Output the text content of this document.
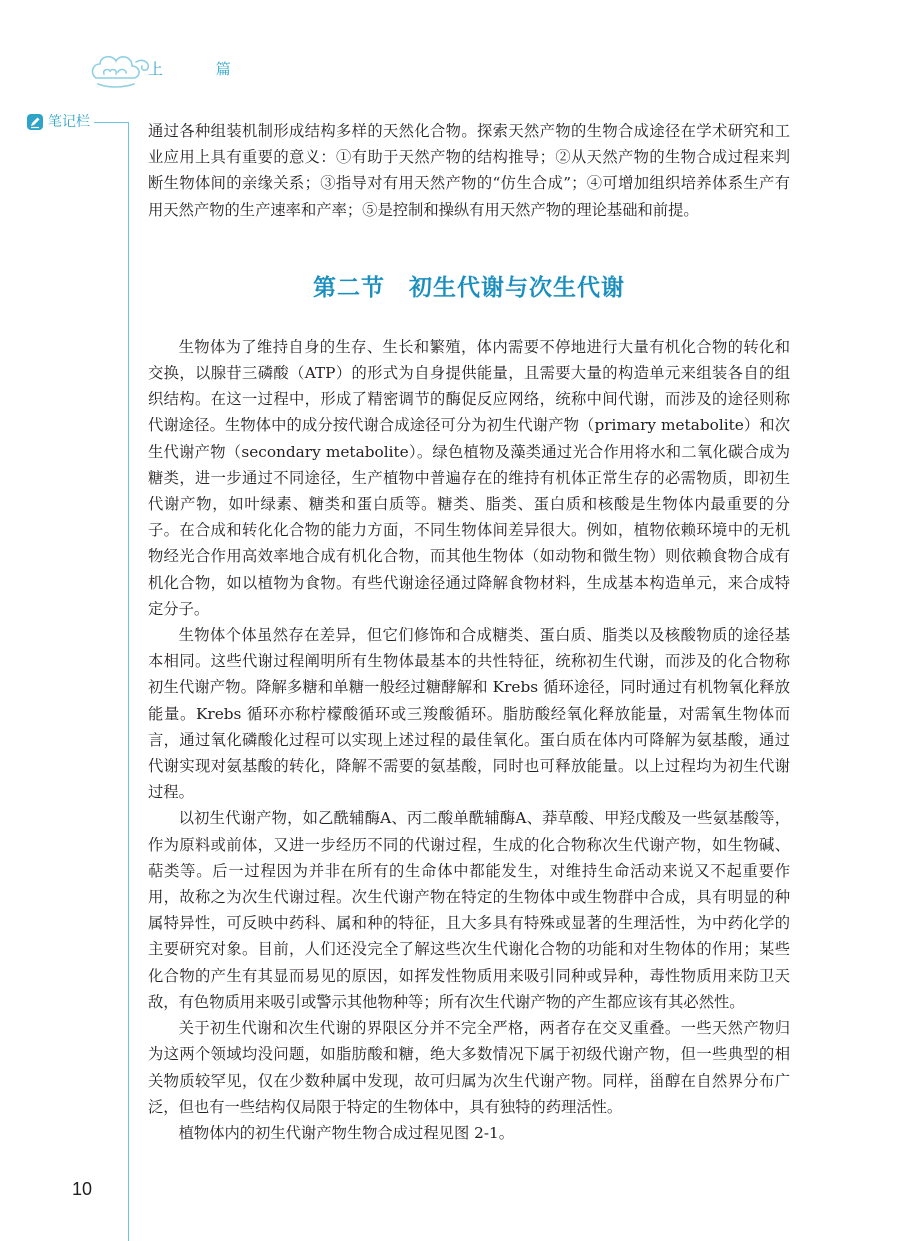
上 篇
笔记栏	通过各种组装机制形成结构多样的天然化合物。探索天然产物的生物合成途径在学术研究和工业应用上具有重要的意义：①有助于天然产物的结构推导；②从天然产物的生物合成过程来判断生物体间的亲缘关系；③指导对有用天然产物的“仿生合成”；④可增加组织培养体系生产有用天然产物的生产速率和产率；⑤是控制和操纵有用天然产物的理论基础和前提。

第二节　初生代谢与次生代谢

生物体为了维持自身的生存、生长和繁殖，体内需要不停地进行大量有机化合物的转化和交换，以腺苷三磷酸（ATP）的形式为自身提供能量，且需要大量的构造单元来组装各自的组织结构。在这一过程中，形成了精密调节的酶促反应网络，统称中间代谢，而涉及的途径则称代谢途径。生物体中的成分按代谢合成途径可分为初生代谢产物（primary metabolite）和次生代谢产物（secondary metabolite）。绿色植物及藻类通过光合作用将水和二氧化碳合成为糖类，进一步通过不同途径，生产植物中普遍存在的维持有机体正常生存的必需物质，即初生代谢产物，如叶绿素、糖类和蛋白质等。糖类、脂类、蛋白质和核酸是生物体内最重要的分子。在合成和转化化合物的能力方面，不同生物体间差异很大。例如，植物依赖环境中的无机物经光合作用高效率地合成有机化合物，而其他生物体（如动物和微生物）则依赖食物合成有机化合物，如以植物为食物。有些代谢途径通过降解食物材料，生成基本构造单元，来合成特定分子。

生物体个体虽然存在差异，但它们修饰和合成糖类、蛋白质、脂类以及核酸物质的途径基本相同。这些代谢过程阐明所有生物体最基本的共性特征，统称初生代谢，而涉及的化合物称初生代谢产物。降解多糖和单糖一般经过糖酵解和 Krebs 循环途径，同时通过有机物氧化释放能量。Krebs 循环亦称柠檬酸循环或三羧酸循环。脂肪酸经氧化释放能量，对需氧生物体而言，通过氧化磷酸化过程可以实现上述过程的最佳氧化。蛋白质在体内可降解为氨基酸，通过代谢实现对氨基酸的转化，降解不需要的氨基酸，同时也可释放能量。以上过程均为初生代谢过程。

以初生代谢产物，如乙酰辅酶A、丙二酸单酰辅酶A、莽草酸、甲羟戊酸及一些氨基酸等，作为原料或前体，又进一步经历不同的代谢过程，生成的化合物称次生代谢产物，如生物碱、萜类等。后一过程因为并非在所有的生命体中都能发生，对维持生命活动来说又不起重要作用，故称之为次生代谢过程。次生代谢产物在特定的生物体中或生物群中合成，具有明显的种属特异性，可反映中药科、属和种的特征，且大多具有特殊或显著的生理活性，为中药化学的主要研究对象。目前，人们还没完全了解这些次生代谢化合物的功能和对生物体的作用；某些化合物的产生有其显而易见的原因，如挥发性物质用来吸引同种或异种，毒性物质用来防卫天敌，有色物质用来吸引或警示其他物种等；所有次生代谢产物的产生都应该有其必然性。

关于初生代谢和次生代谢的界限区分并不完全严格，两者存在交叉重叠。一些天然产物归为这两个领域均没问题，如脂肪酸和糖，绝大多数情况下属于初级代谢产物，但一些典型的相关物质较罕见，仅在少数种属中发现，故可归属为次生代谢产物。同样，甾醇在自然界分布广泛，但也有一些结构仅局限于特定的生物体中，具有独特的药理活性。

植物体内的初生代谢产物生物合成过程见图 2-1。

10
